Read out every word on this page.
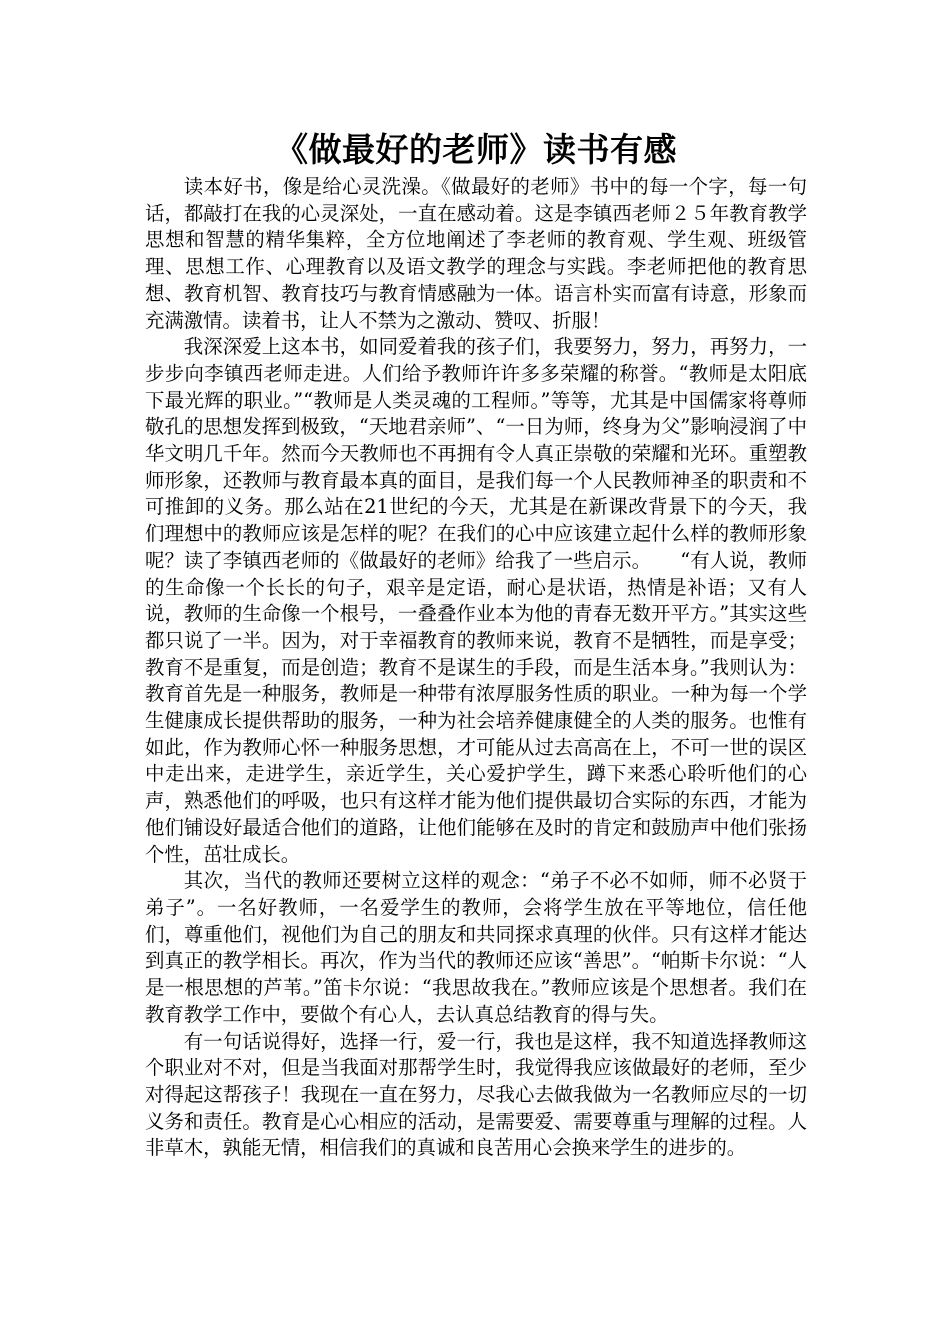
《做最好的老师》读书有感

读本好书，像是给心灵洗澡。《做最好的老师》书中的每一个字，每一句话，都敲打在我的心灵深处，一直在感动着。这是李镇西老师２５年教育教学思想和智慧的精华集粹，全方位地阐述了李老师的教育观、学生观、班级管理、思想工作、心理教育以及语文教学的理念与实践。李老师把他的教育思想、教育机智、教育技巧与教育情感融为一体。语言朴实而富有诗意，形象而充满激情。读着书，让人不禁为之激动、赞叹、折服！

我深深爱上这本书，如同爱着我的孩子们，我要努力，努力，再努力，一步步向李镇西老师走进。人们给予教师许许多多荣耀的称誉。“教师是太阳底下最光辉的职业。”“教师是人类灵魂的工程师。”等等，尤其是中国儒家将尊师敬孔的思想发挥到极致，“天地君亲师”、“一日为师，终身为父”影响浸润了中华文明几千年。然而今天教师也不再拥有令人真正崇敬的荣耀和光环。重塑教师形象，还教师与教育最本真的面目，是我们每一个人民教师神圣的职责和不可推卸的义务。那么站在21世纪的今天，尤其是在新课改背景下的今天，我们理想中的教师应该是怎样的呢？在我们的心中应该建立起什么样的教师形象呢？读了李镇西老师的《做最好的老师》给我了一些启示。　　“有人说，教师的生命像一个长长的句子，艰辛是定语，耐心是状语，热情是补语；又有人说，教师的生命像一个根号，一叠叠作业本为他的青春无数开平方。”其实这些都只说了一半。因为，对于幸福教育的教师来说，教育不是牺牲，而是享受；教育不是重复，而是创造；教育不是谋生的手段，而是生活本身。”我则认为：教育首先是一种服务，教师是一种带有浓厚服务性质的职业。一种为每一个学生健康成长提供帮助的服务，一种为社会培养健康健全的人类的服务。也惟有如此，作为教师心怀一种服务思想，才可能从过去高高在上，不可一世的误区中走出来，走进学生，亲近学生，关心爱护学生，蹲下来悉心聆听他们的心声，熟悉他们的呼吸，也只有这样才能为他们提供最切合实际的东西，才能为他们铺设好最适合他们的道路，让他们能够在及时的肯定和鼓励声中他们张扬个性，茁壮成长。

其次，当代的教师还要树立这样的观念：“弟子不必不如师，师不必贤于弟子”。一名好教师，一名爱学生的教师，会将学生放在平等地位，信任他们，尊重他们，视他们为自己的朋友和共同探求真理的伙伴。只有这样才能达到真正的教学相长。再次，作为当代的教师还应该“善思”。“帕斯卡尔说：“人是一根思想的芦苇。”笛卡尔说：“我思故我在。”教师应该是个思想者。我们在教育教学工作中，要做个有心人，去认真总结教育的得与失。

有一句话说得好，选择一行，爱一行，我也是这样，我不知道选择教师这个职业对不对，但是当我面对那帮学生时，我觉得我应该做最好的老师，至少对得起这帮孩子！我现在一直在努力，尽我心去做我做为一名教师应尽的一切义务和责任。教育是心心相应的活动，是需要爱、需要尊重与理解的过程。人非草木，孰能无情，相信我们的真诚和良苦用心会换来学生的进步的。
